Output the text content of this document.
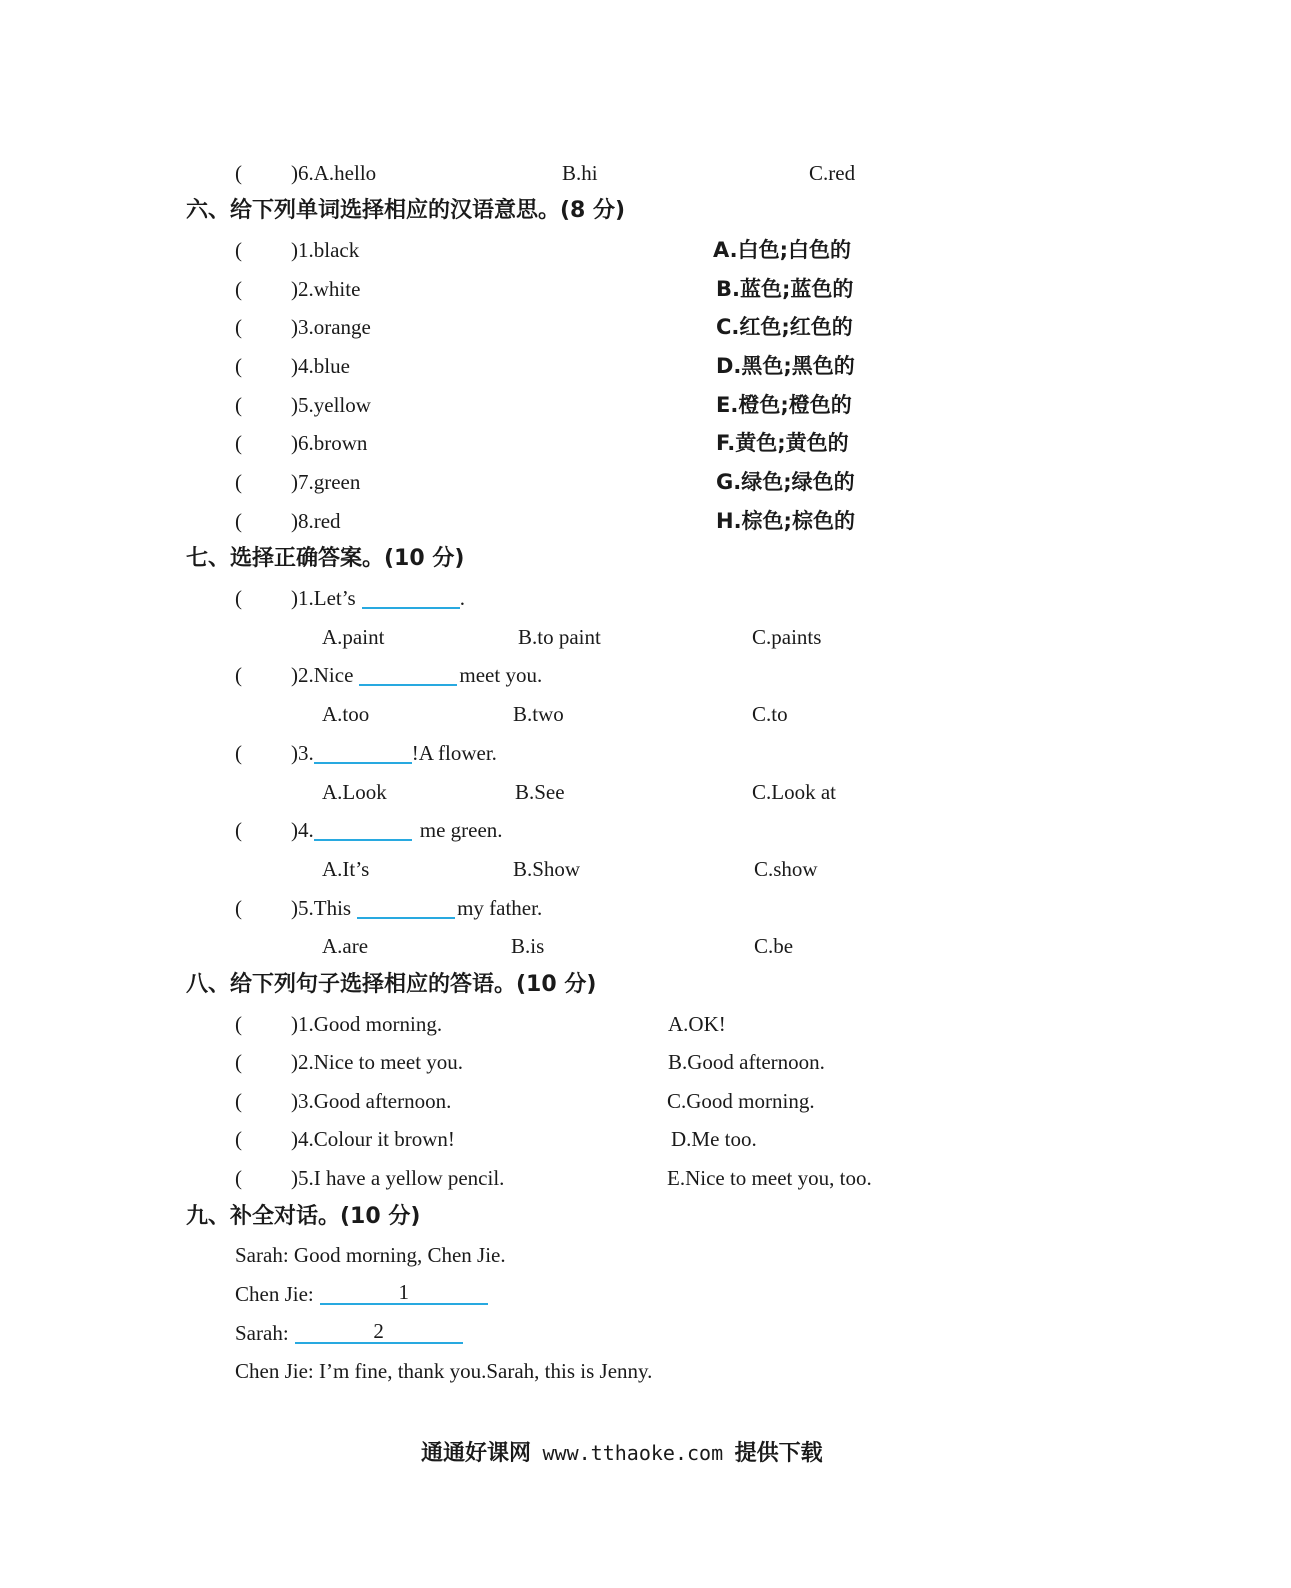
( )6.A.hello	B.hi	C.red
六、给下列单词选择相应的汉语意思。(8 分)
( )1.black	A.白色;白色的
( )2.white	B.蓝色;蓝色的
( )3.orange	C.红色;红色的
( )4.blue	D.黑色;黑色的
( )5.yellow	E.橙色;橙色的
( )6.brown	F.黄色;黄色的
( )7.green	G.绿色;绿色的
( )8.red	H.棕色;棕色的
七、选择正确答案。(10 分)
( )1.Let’s	.
A.paint	B.to paint	C.paints
( )2.Nice	meet you.
A.too	B.two	C.to
( )3.	!A flower.
A.Look	B.See	C.Look at
( )4.	me green.
A.It’s	B.Show	C.show
( )5.This	my father.
A.are	B.is	C.be
八、给下列句子选择相应的答语。(10 分)
( )1.Good morning.	A.OK!
( )2.Nice to meet you.	B.Good afternoon.
( )3.Good afternoon.	C.Good morning.
( )4.Colour it brown!	D.Me too.
( )5.I have a yellow pencil.	E.Nice to meet you, too.
九、补全对话。(10 分)
Sarah: Good morning, Chen Jie.
Chen Jie:	1
Sarah:	2
Chen Jie: I’m fine, thank you.Sarah, this is Jenny.
通通好课网 www.tthaoke.com 提供下载
